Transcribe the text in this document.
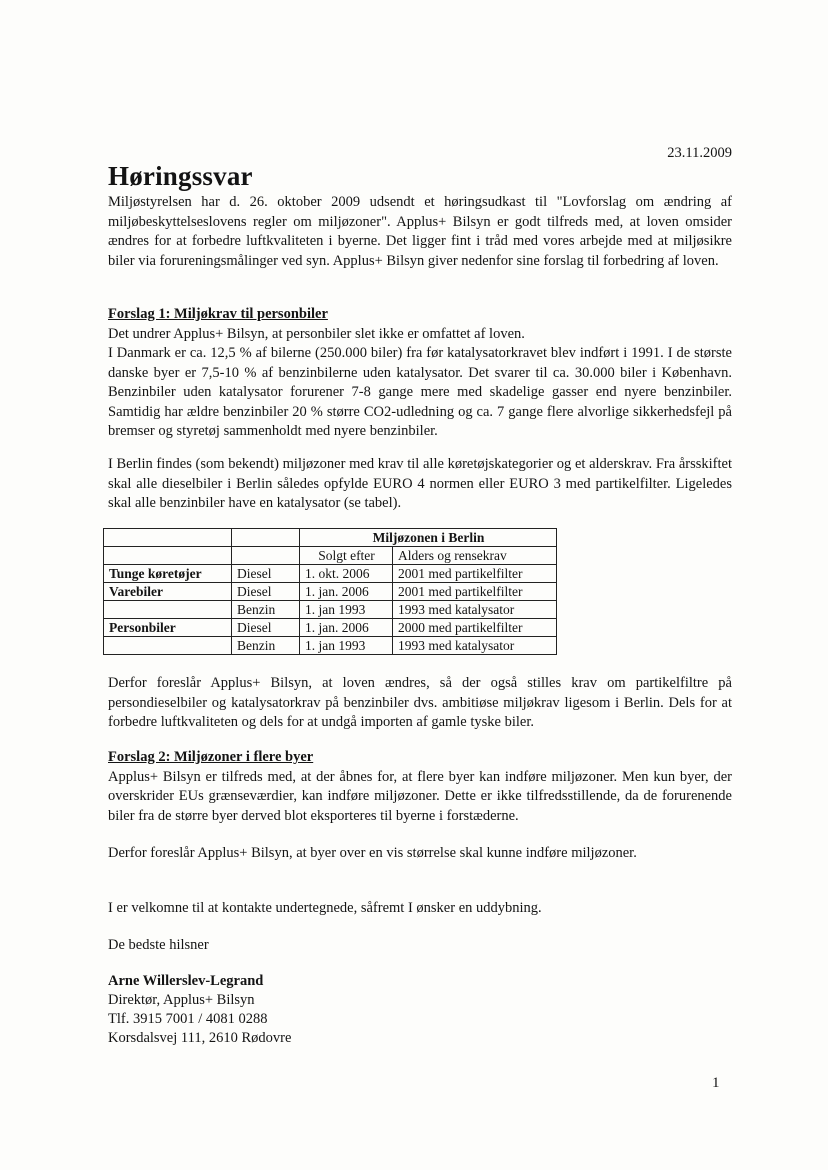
23.11.2009
Høringssvar
Miljøstyrelsen har d. 26. oktober 2009 udsendt et høringsudkast til "Lovforslag om ændring af miljøbeskyttelseslovens regler om miljøzoner". Applus+ Bilsyn er godt tilfreds med, at loven omsider ændres for at forbedre luftkvaliteten i byerne. Det ligger fint i tråd med vores arbejde med at miljøsikre biler via forureningsmålinger ved syn. Applus+ Bilsyn giver nedenfor sine forslag til forbedring af loven.
Forslag 1: Miljøkrav til personbiler
Det undrer Applus+ Bilsyn, at personbiler slet ikke er omfattet af loven.
I Danmark er ca. 12,5 % af bilerne (250.000 biler) fra før katalysatorkravet blev indført i 1991. I de største danske byer er 7,5-10 % af benzinbilerne uden katalysator. Det svarer til ca. 30.000 biler i København. Benzinbiler uden katalysator forurener 7-8 gange mere med skadelige gasser end nyere benzinbiler. Samtidig har ældre benzinbiler 20 % større CO2-udledning og ca. 7 gange flere alvorlige sikkerhedsfejl på bremser og styretøj sammenholdt med nyere benzinbiler.
I Berlin findes (som bekendt) miljøzoner med krav til alle køretøjskategorier og et alderskrav. Fra årsskiftet skal alle dieselbiler i Berlin således opfylde EURO 4 normen eller EURO 3 med partikelfilter. Ligeledes skal alle benzinbiler have en katalysator (se tabel).
		Miljøzonen i Berlin	
		Solgt efter	Alders og rensekrav
Tunge køretøjer	Diesel	1. okt. 2006	2001 med partikelfilter
Varebiler	Diesel	1. jan. 2006	2001 med partikelfilter
	Benzin	1. jan 1993	1993 med katalysator
Personbiler	Diesel	1. jan. 2006	2000 med partikelfilter
	Benzin	1. jan 1993	1993 med katalysator
Derfor foreslår Applus+ Bilsyn, at loven ændres, så der også stilles krav om partikelfiltre på persondieselbiler og katalysatorkrav på benzinbiler dvs. ambitiøse miljøkrav ligesom i Berlin. Dels for at forbedre luftkvaliteten og dels for at undgå importen af gamle tyske biler.
Forslag 2: Miljøzoner i flere byer
Applus+ Bilsyn er tilfreds med, at der åbnes for, at flere byer kan indføre miljøzoner. Men kun byer, der overskrider EUs grænseværdier, kan indføre miljøzoner. Dette er ikke tilfredsstillende, da de forurenende biler fra de større byer derved blot eksporteres til byerne i forstæderne.
Derfor foreslår Applus+ Bilsyn, at byer over en vis størrelse skal kunne indføre miljøzoner.
I er velkomne til at kontakte undertegnede, såfremt I ønsker en uddybning.
De bedste hilsner
Arne Willerslev-Legrand
Direktør, Applus+ Bilsyn
Tlf. 3915 7001 / 4081 0288
Korsdalsvej 111, 2610 Rødovre
1
